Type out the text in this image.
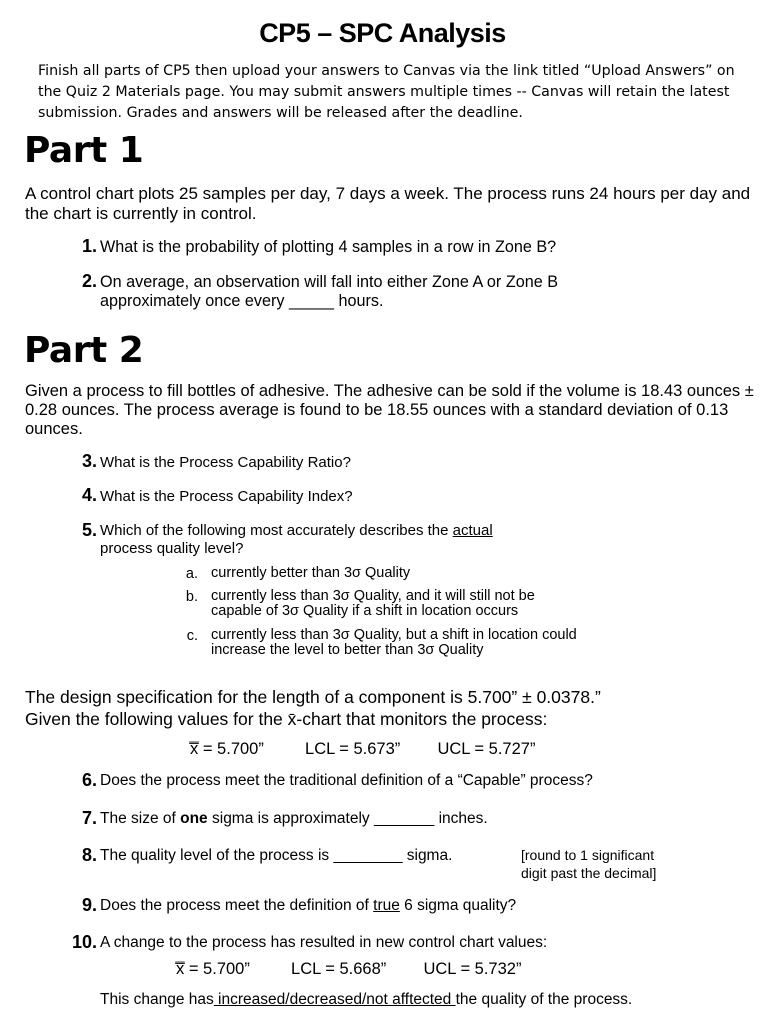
CP5 – SPC Analysis
Finish all parts of CP5 then upload your answers to Canvas via the link titled “Upload Answers” on the Quiz 2 Materials page. You may submit answers multiple times -- Canvas will retain the latest submission. Grades and answers will be released after the deadline.
Part 1
A control chart plots 25 samples per day, 7 days a week. The process runs 24 hours per day and the chart is currently in control.
1. What is the probability of plotting 4 samples in a row in Zone B?
2. On average, an observation will fall into either Zone A or Zone B
approximately once every _____ hours.
Part 2
Given a process to fill bottles of adhesive. The adhesive can be sold if the volume is 18.43 ounces ± 0.28 ounces. The process average is found to be 18.55 ounces with a standard deviation of 0.13 ounces.
3. What is the Process Capability Ratio?
4. What is the Process Capability Index?
5. Which of the following most accurately describes the actual
process quality level?
a. currently better than 3σ Quality
b. currently less than 3σ Quality, and it will still not be
capable of 3σ Quality if a shift in location occurs
c. currently less than 3σ Quality, but a shift in location could
increase the level to better than 3σ Quality
The design specification for the length of a component is 5.700” ± 0.0378.”
Given the following values for the x̄-chart that monitors the process:
x̿ = 5.700” LCL = 5.673” UCL = 5.727”
6. Does the process meet the traditional definition of a “Capable” process?
7. The size of one sigma is approximately _______ inches.
8. The quality level of the process is ________ sigma.	[round to 1 significant
digit past the decimal]
9. Does the process meet the definition of true 6 sigma quality?
10. A change to the process has resulted in new control chart values:
x̿ = 5.700” LCL = 5.668” UCL = 5.732”
This change has increased/decreased/not afftected the quality of the process.
